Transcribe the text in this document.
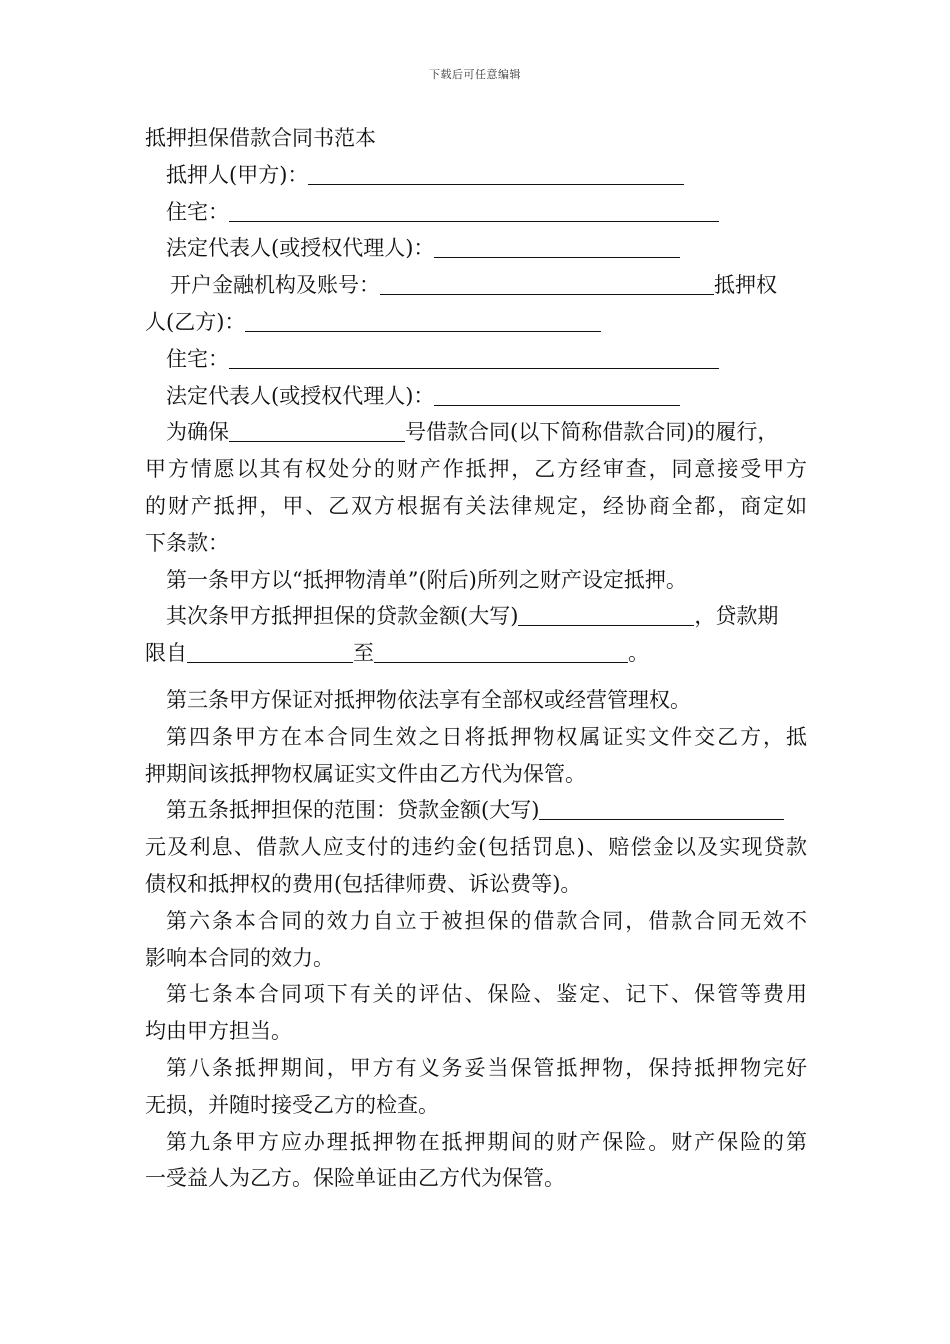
下载后可任意编辑
抵押担保借款合同书范本
抵押人(甲方)：
住宅：
法定代表人(或授权代理人)：
开户金融机构及账号：	抵押权
人(乙方)：
住宅：
法定代表人(或授权代理人)：
为确保	号借款合同(以下简称借款合同)的履行，
甲方情愿以其有权处分的财产作抵押，乙方经审查，同意接受甲方
的财产抵押，甲、乙双方根据有关法律规定，经协商全都，商定如
下条款：
第一条甲方以“抵押物清单”(附后)所列之财产设定抵押。
其次条甲方抵押担保的贷款金额(大写)	，贷款期
限自	至	。
第三条甲方保证对抵押物依法享有全部权或经营管理权。
第四条甲方在本合同生效之日将抵押物权属证实文件交乙方，抵
押期间该抵押物权属证实文件由乙方代为保管。
第五条抵押担保的范围：贷款金额(大写)
元及利息、借款人应支付的违约金(包括罚息)、赔偿金以及实现贷款
债权和抵押权的费用(包括律师费、诉讼费等)。
第六条本合同的效力自立于被担保的借款合同，借款合同无效不
影响本合同的效力。
第七条本合同项下有关的评估、保险、鉴定、记下、保管等费用
均由甲方担当。
第八条抵押期间，甲方有义务妥当保管抵押物，保持抵押物完好
无损，并随时接受乙方的检查。
第九条甲方应办理抵押物在抵押期间的财产保险。财产保险的第
一受益人为乙方。保险单证由乙方代为保管。
